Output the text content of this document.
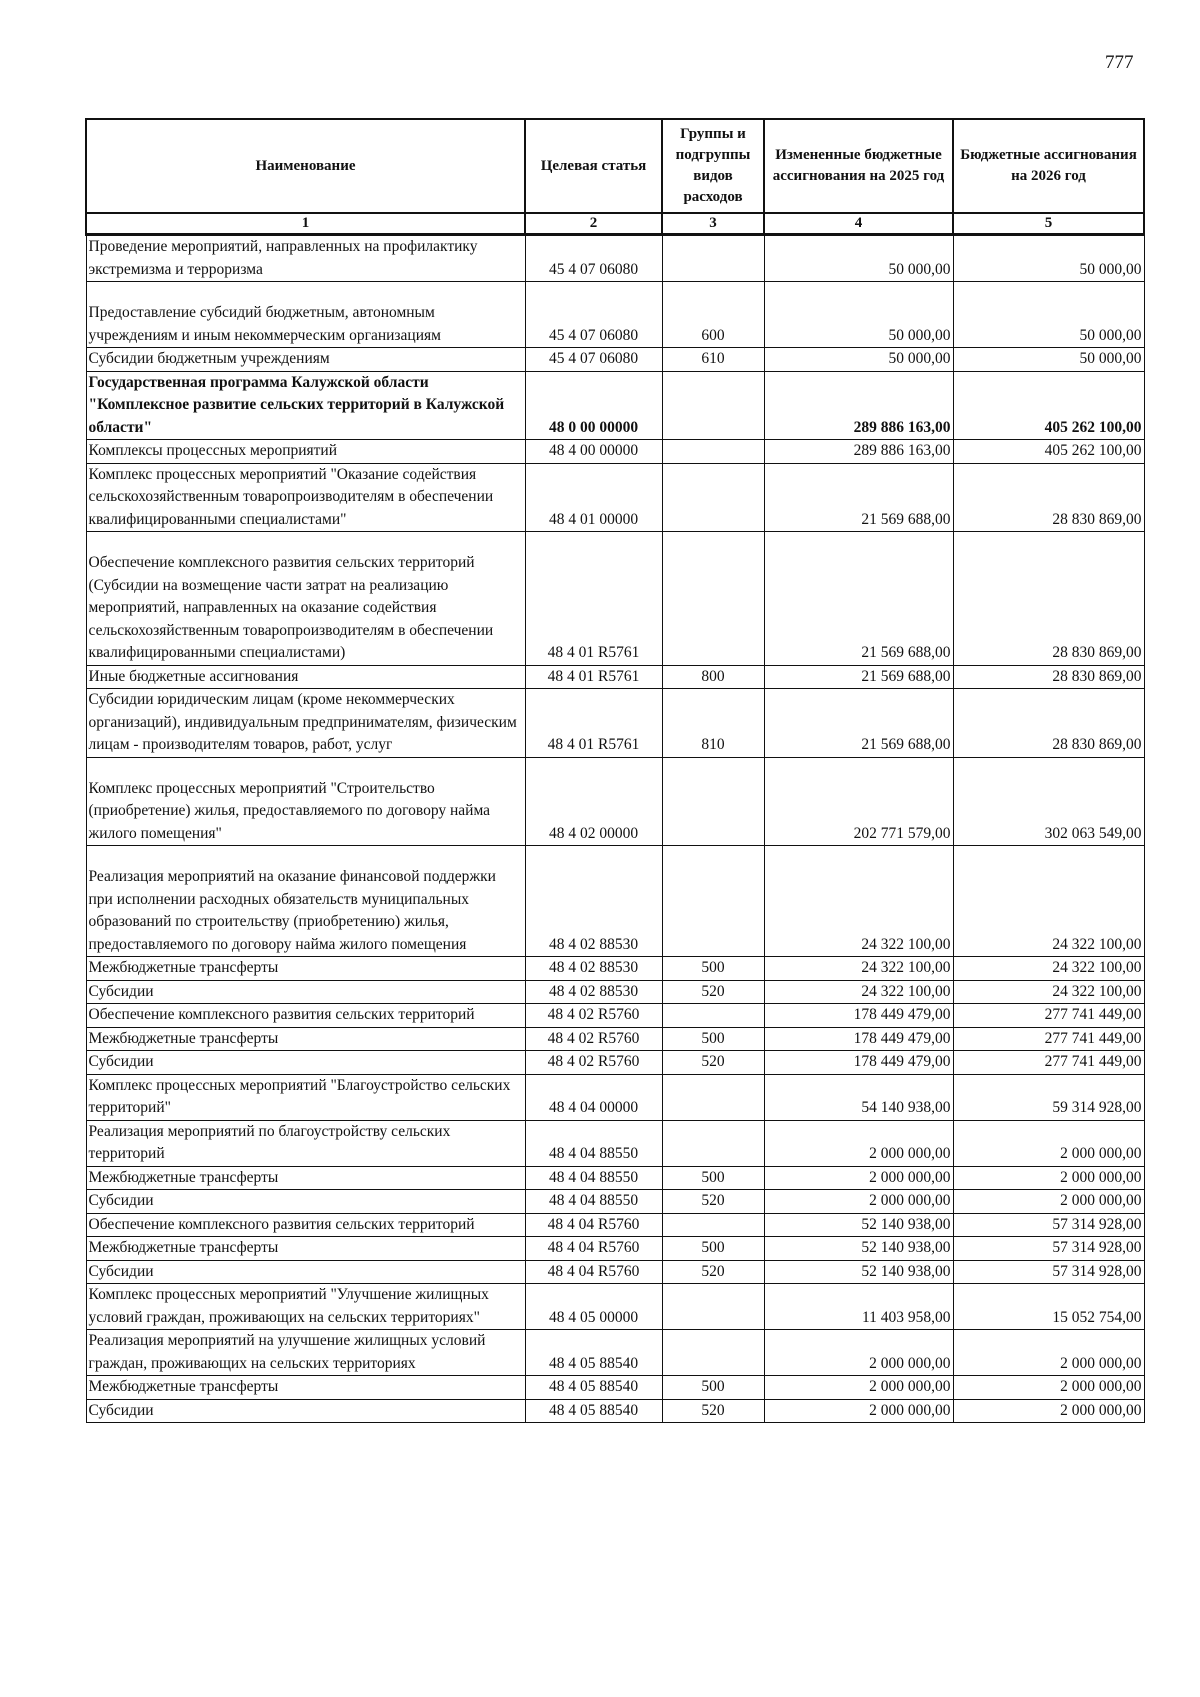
777
Наименование	Целевая статья	Группы и подгруппы видов расходов	Измененные бюджетные ассигнования на 2025 год	Бюджетные ассигнования на 2026 год
1	2	3	4	5
Проведение мероприятий, направленных на профилактику экстремизма и терроризма	45 4 07 06080		50 000,00	50 000,00
Предоставление субсидий бюджетным, автономным учреждениям и иным некоммерческим организациям	45 4 07 06080	600	50 000,00	50 000,00
Субсидии бюджетным учреждениям	45 4 07 06080	610	50 000,00	50 000,00
Государственная программа Калужской области "Комплексное развитие сельских территорий в Калужской области"	48 0 00 00000		289 886 163,00	405 262 100,00
Комплексы процессных мероприятий	48 4 00 00000		289 886 163,00	405 262 100,00
Комплекс процессных мероприятий "Оказание содействия сельскохозяйственным товаропроизводителям в обеспечении квалифицированными специалистами"	48 4 01 00000		21 569 688,00	28 830 869,00
Обеспечение комплексного развития сельских территорий (Субсидии на возмещение части затрат на реализацию мероприятий, направленных на оказание содействия сельскохозяйственным товаропроизводителям в обеспечении квалифицированными специалистами)	48 4 01 R5761		21 569 688,00	28 830 869,00
Иные бюджетные ассигнования	48 4 01 R5761	800	21 569 688,00	28 830 869,00
Субсидии юридическим лицам (кроме некоммерческих организаций), индивидуальным предпринимателям, физическим лицам - производителям товаров, работ, услуг	48 4 01 R5761	810	21 569 688,00	28 830 869,00
Комплекс процессных мероприятий "Строительство (приобретение) жилья, предоставляемого по договору найма жилого помещения"	48 4 02 00000		202 771 579,00	302 063 549,00
Реализация мероприятий на оказание финансовой поддержки при исполнении расходных обязательств муниципальных образований по строительству (приобретению) жилья, предоставляемого по договору найма жилого помещения	48 4 02 88530		24 322 100,00	24 322 100,00
Межбюджетные трансферты	48 4 02 88530	500	24 322 100,00	24 322 100,00
Субсидии	48 4 02 88530	520	24 322 100,00	24 322 100,00
Обеспечение комплексного развития сельских территорий	48 4 02 R5760		178 449 479,00	277 741 449,00
Межбюджетные трансферты	48 4 02 R5760	500	178 449 479,00	277 741 449,00
Субсидии	48 4 02 R5760	520	178 449 479,00	277 741 449,00
Комплекс процессных мероприятий "Благоустройство сельских территорий"	48 4 04 00000		54 140 938,00	59 314 928,00
Реализация мероприятий по благоустройству сельских территорий	48 4 04 88550		2 000 000,00	2 000 000,00
Межбюджетные трансферты	48 4 04 88550	500	2 000 000,00	2 000 000,00
Субсидии	48 4 04 88550	520	2 000 000,00	2 000 000,00
Обеспечение комплексного развития сельских территорий	48 4 04 R5760		52 140 938,00	57 314 928,00
Межбюджетные трансферты	48 4 04 R5760	500	52 140 938,00	57 314 928,00
Субсидии	48 4 04 R5760	520	52 140 938,00	57 314 928,00
Комплекс процессных мероприятий "Улучшение жилищных условий граждан, проживающих на сельских территориях"	48 4 05 00000		11 403 958,00	15 052 754,00
Реализация мероприятий на улучшение жилищных условий граждан, проживающих на сельских территориях	48 4 05 88540		2 000 000,00	2 000 000,00
Межбюджетные трансферты	48 4 05 88540	500	2 000 000,00	2 000 000,00
Субсидии	48 4 05 88540	520	2 000 000,00	2 000 000,00
